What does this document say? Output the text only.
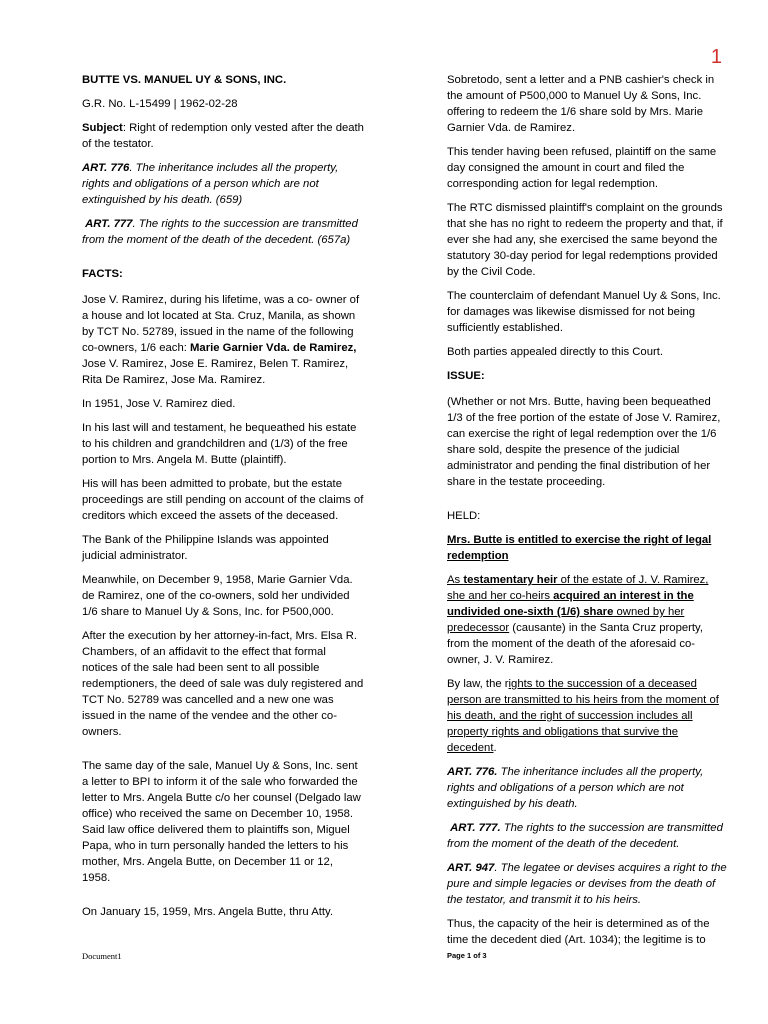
1

BUTTE VS. MANUEL UY & SONS, INC.

G.R. No. L-15499 | 1962-02-28

Subject: Right of redemption only vested after the death of the testator.

ART. 776. The inheritance includes all the property, rights and obligations of a person which are not extinguished by his death. (659)

ART. 777. The rights to the succession are transmitted from the moment of the death of the decedent. (657a)

FACTS:

Jose V. Ramirez, during his lifetime, was a co- owner of a house and lot located at Sta. Cruz, Manila, as shown by TCT No. 52789, issued in the name of the following co-owners, 1/6 each: Marie Garnier Vda. de Ramirez, Jose V. Ramirez, Jose E. Ramirez, Belen T. Ramirez, Rita De Ramirez, Jose Ma. Ramirez.

In 1951, Jose V. Ramirez died.

In his last will and testament, he bequeathed his estate to his children and grandchildren and (1/3) of the free portion to Mrs. Angela M. Butte (plaintiff).

His will has been admitted to probate, but the estate proceedings are still pending on account of the claims of creditors which exceed the assets of the deceased.

The Bank of the Philippine Islands was appointed judicial administrator.

Meanwhile, on December 9, 1958, Marie Garnier Vda. de Ramirez, one of the co-owners, sold her undivided 1/6 share to Manuel Uy & Sons, Inc. for P500,000.

After the execution by her attorney-in-fact, Mrs. Elsa R. Chambers, of an affidavit to the effect that formal notices of the sale had been sent to all possible redemptioners, the deed of sale was duly registered and TCT No. 52789 was cancelled and a new one was issued in the name of the vendee and the other co-owners.

The same day of the sale, Manuel Uy & Sons, Inc. sent a letter to BPI to inform it of the sale who forwarded the letter to Mrs. Angela Butte c/o her counsel (Delgado law office) who received the same on December 10, 1958. Said law office delivered them to plaintiffs son, Miguel Papa, who in turn personally handed the letters to his mother, Mrs. Angela Butte, on December 11 or 12, 1958.

On January 15, 1959, Mrs. Angela Butte, thru Atty.

Sobretodo, sent a letter and a PNB cashier's check in the amount of P500,000 to Manuel Uy & Sons, Inc. offering to redeem the 1/6 share sold by Mrs. Marie Garnier Vda. de Ramirez.

This tender having been refused, plaintiff on the same day consigned the amount in court and filed the corresponding action for legal redemption.

The RTC dismissed plaintiff's complaint on the grounds that she has no right to redeem the property and that, if ever she had any, she exercised the same beyond the statutory 30-day period for legal redemptions provided by the Civil Code.

The counterclaim of defendant Manuel Uy & Sons, Inc. for damages was likewise dismissed for not being sufficiently established.

Both parties appealed directly to this Court.

ISSUE:

(Whether or not Mrs. Butte, having been bequeathed 1/3 of the free portion of the estate of Jose V. Ramirez, can exercise the right of legal redemption over the 1/6 share sold, despite the presence of the judicial administrator and pending the final distribution of her share in the testate proceeding.

HELD:

Mrs. Butte is entitled to exercise the right of legal redemption

As testamentary heir of the estate of J. V. Ramirez, she and her co-heirs acquired an interest in the undivided one-sixth (1/6) share owned by her predecessor (causante) in the Santa Cruz property, from the moment of the death of the aforesaid co-owner, J. V. Ramirez.

By law, the rights to the succession of a deceased person are transmitted to his heirs from the moment of his death, and the right of succession includes all property rights and obligations that survive the decedent.

ART. 776. The inheritance includes all the property, rights and obligations of a person which are not extinguished by his death.

ART. 777. The rights to the succession are transmitted from the moment of the death of the decedent.

ART. 947. The legatee or devises acquires a right to the pure and simple legacies or devises from the death of the testator, and transmit it to his heirs.

Thus, the capacity of the heir is determined as of the time the decedent died (Art. 1034); the legitime is to

Document1	Page 1 of 3
